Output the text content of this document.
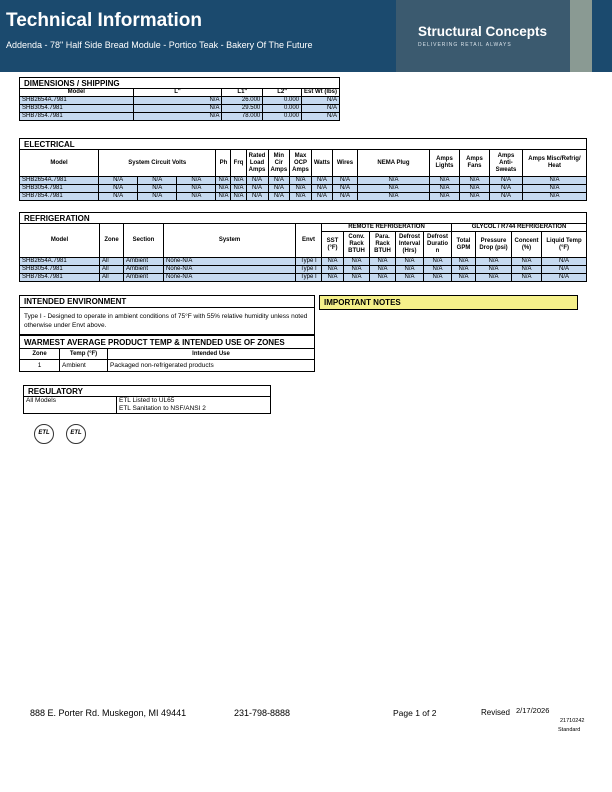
Technical Information
Addenda - 78" Half Side Bread Module - Portico Teak - Bakery Of The Future
Structural Concepts
DELIVERING RETAIL ALWAYS
DIMENSIONS / SHIPPING				
Model	L"	L1"	L2"	Est Wt (lbs)
SHB2654A.7981	N/A	26.000	0.000	N/A
SHB3054.7981	N/A	29.500	0.000	N/A
SHB7854.7981	N/A	78.000	0.000	N/A
ELECTRICAL															
Model	System Circuit Volts			Ph	Frq	Rated Load Amps	Min Cir Amps	Max OCP Amps	Watts	Wires	NEMA Plug	Amps Lights	Amps Fans	Amps Anti-Sweats	Amps Misc/Refrig/ Heat
SHB2654A.7981	N/A	N/A	N/A	N/A	N/A	N/A	N/A	N/A	N/A	N/A	N/A	N/A	N/A	N/A	N/A
SHB3054.7981	N/A	N/A	N/A	N/A	N/A	N/A	N/A	N/A	N/A	N/A	N/A	N/A	N/A	N/A	N/A
SHB7854.7981	N/A	N/A	N/A	N/A	N/A	N/A	N/A	N/A	N/A	N/A	N/A	N/A	N/A	N/A	N/A
REFRIGERATION													
Model	Zone	Section	System	Envt	REMOTE REFRIGERATION					GLYCOL / R744 REFRIGERATION			
					SST (°F)	Conv. Rack BTUH	Para. Rack BTUH	Defrost Interval (Hrs)	Defrost Duratio n	Total GPM	Pressure Drop (psi)	Concent (%)	Liquid Temp (°F)
SHB2654A.7981	All	Ambient	None-N/A	Type I	N/A	N/A	N/A	N/A	N/A	N/A	N/A	N/A	N/A
SHB3054.7981	All	Ambient	None-N/A	Type I	N/A	N/A	N/A	N/A	N/A	N/A	N/A	N/A	N/A
SHB7854.7981	All	Ambient	None-N/A	Type I	N/A	N/A	N/A	N/A	N/A	N/A	N/A	N/A	N/A
INTENDED ENVIRONMENT
Type I - Designed to operate in ambient conditions of 75°F with 55% relative humidity unless noted otherwise under Envt above.
WARMEST AVERAGE PRODUCT TEMP & INTENDED USE OF ZONES		
Zone	Temp (°F)	Intended Use
1	Ambient	Packaged non-refrigerated products
IMPORTANT NOTES
REGULATORY
All Models	ETL Listed to UL65
ETL Sanitation to NSF/ANSI 2
ETL	ETL
888 E. Porter Rd. Muskegon, MI 49441	231-798-8888	Page 1 of 2	Revised 2/17/2026
21710242
Standard
